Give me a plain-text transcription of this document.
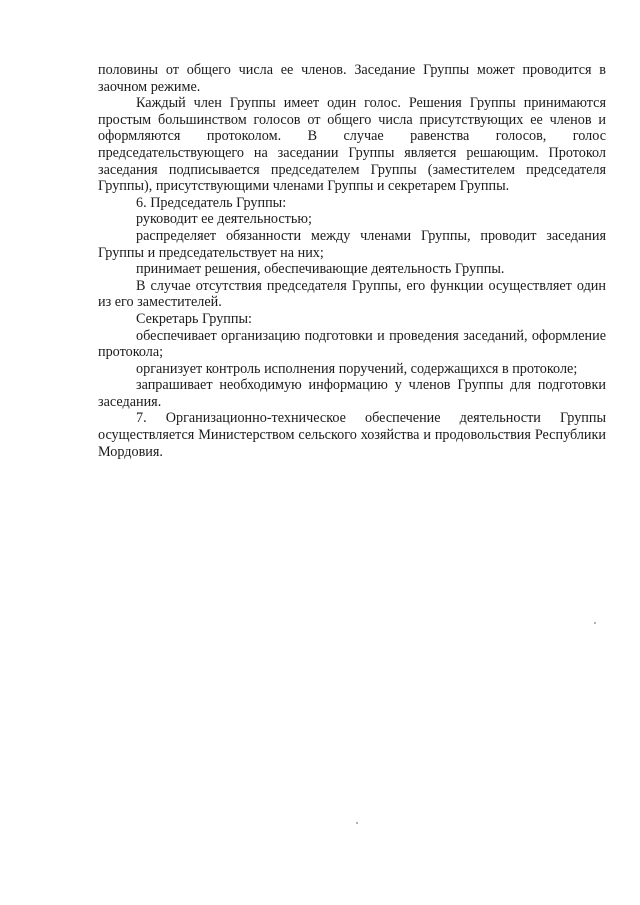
половины от общего числа ее членов. Заседание Группы может проводится в заочном режиме.

Каждый член Группы имеет один голос. Решения Группы принимаются простым большинством голосов от общего числа присутствующих ее членов и оформляются протоколом. В случае равенства голосов, голос председательствующего на заседании Группы является решающим. Протокол заседания подписывается председателем Группы (заместителем председателя Группы), присутствующими членами Группы и секретарем Группы.

6. Председатель Группы:

руководит ее деятельностью;

распределяет обязанности между членами Группы, проводит заседания Группы и председательствует на них;

принимает решения, обеспечивающие деятельность Группы.

В случае отсутствия председателя Группы, его функции осуществляет один из его заместителей.

Секретарь Группы:

обеспечивает организацию подготовки и проведения заседаний, оформление протокола;

организует контроль исполнения поручений, содержащихся в протоколе;

запрашивает необходимую информацию у членов Группы для подготовки заседания.

7. Организационно-техническое обеспечение деятельности Группы осуществляется Министерством сельского хозяйства и продовольствия Республики Мордовия.
